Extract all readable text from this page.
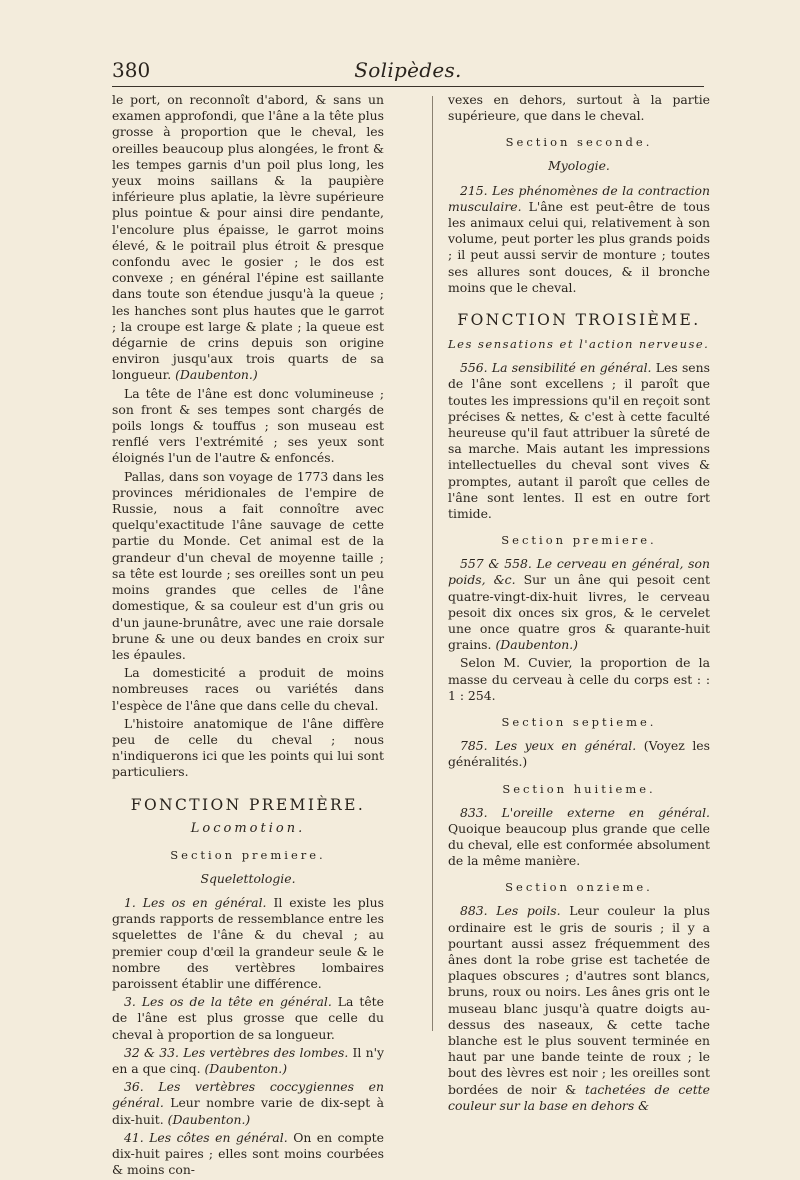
380	Solipèdes.

le port, on reconnoît d'abord, & sans un examen approfondi, que l'âne a la tête plus grosse à proportion que le cheval, les oreilles beaucoup plus alongées, le front & les tempes garnis d'un poil plus long, les yeux moins saillans & la paupière inférieure plus aplatie, la lèvre supérieure plus pointue & pour ainsi dire pendante, l'encolure plus épaisse, le garrot moins élevé, & le poitrail plus étroit & presque confondu avec le gosier ; le dos est convexe ; en général l'épine est saillante dans toute son étendue jusqu'à la queue ; les hanches sont plus hautes que le garrot ; la croupe est large & plate ; la queue est dégarnie de crins depuis son origine environ jusqu'aux trois quarts de sa longueur. (Daubenton.)

La tête de l'âne est donc volumineuse ; son front & ses tempes sont chargés de poils longs & touffus ; son museau est renflé vers l'extrémité ; ses yeux sont éloignés l'un de l'autre & enfoncés.

Pallas, dans son voyage de 1773 dans les provinces méridionales de l'empire de Russie, nous a fait connoître avec quelqu'exactitude l'âne sauvage de cette partie du Monde. Cet animal est de la grandeur d'un cheval de moyenne taille ; sa tête est lourde ; ses oreilles sont un peu moins grandes que celles de l'âne domestique, & sa couleur est d'un gris ou d'un jaune-brunâtre, avec une raie dorsale brune & une ou deux bandes en croix sur les épaules.

La domesticité a produit de moins nombreuses races ou variétés dans l'espèce de l'âne que dans celle du cheval.

L'histoire anatomique de l'âne diffère peu de celle du cheval ; nous n'indiquerons ici que les points qui lui sont particuliers.

FONCTION PREMIÈRE.
Locomotion.
Section premiere.
Squelettologie.

1. Les os en général. Il existe les plus grands rapports de ressemblance entre les squelettes de l'âne & du cheval ; au premier coup d'œil la grandeur seule & le nombre des vertèbres lombaires paroissent établir une différence.

3. Les os de la tête en général. La tête de l'âne est plus grosse que celle du cheval à proportion de sa longueur.

32 & 33. Les vertèbres des lombes. Il n'y en a que cinq. (Daubenton.)

36. Les vertèbres coccygiennes en général. Leur nombre varie de dix-sept à dix-huit. (Daubenton.)

41. Les côtes en général. On en compte dix-huit paires ; elles sont moins courbées & moins con-

vexes en dehors, surtout à la partie supérieure, que dans le cheval.

Section seconde.
Myologie.

215. Les phénomènes de la contraction musculaire. L'âne est peut-être de tous les animaux celui qui, relativement à son volume, peut porter les plus grands poids ; il peut aussi servir de monture ; toutes ses allures sont douces, & il bronche moins que le cheval.

FONCTION TROISIÈME.
Les sensations et l'action nerveuse.

556. La sensibilité en général. Les sens de l'âne sont excellens ; il paroît que toutes les impressions qu'il en reçoit sont précises & nettes, & c'est à cette faculté heureuse qu'il faut attribuer la sûreté de sa marche. Mais autant les impressions intellectuelles du cheval sont vives & promptes, autant il paroît que celles de l'âne sont lentes. Il est en outre fort timide.

Section premiere.

557 & 558. Le cerveau en général, son poids, &c. Sur un âne qui pesoit cent quatre-vingt-dix-huit livres, le cerveau pesoit dix onces six gros, & le cervelet une once quatre gros & quarante-huit grains. (Daubenton.)

Selon M. Cuvier, la proportion de la masse du cerveau à celle du corps est : : 1 : 254.

Section septieme.

785. Les yeux en général. (Voyez les généralités.)

Section huitieme.

833. L'oreille externe en général. Quoique beaucoup plus grande que celle du cheval, elle est conformée absolument de la même manière.

Section onzieme.

883. Les poils. Leur couleur la plus ordinaire est le gris de souris ; il y a pourtant aussi assez fréquemment des ânes dont la robe grise est tachetée de plaques obscures ; d'autres sont blancs, bruns, roux ou noirs. Les ânes gris ont le museau blanc jusqu'à quatre doigts au-dessus des naseaux, & cette tache blanche est le plus souvent terminée en haut par une bande teinte de roux ; le bout des lèvres est noir ; les oreilles sont bordées de noir & tachetées de cette couleur sur la base en dehors &
